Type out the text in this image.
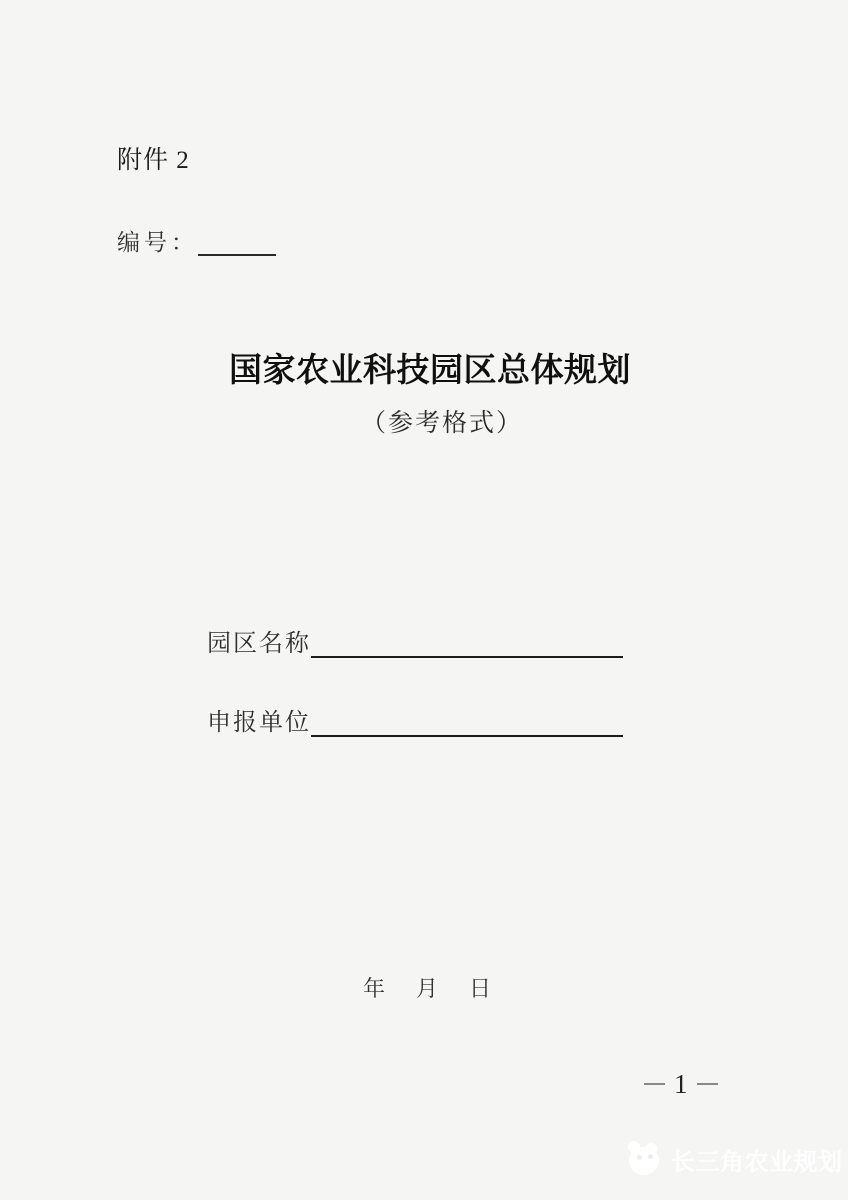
附件 2
编号：
国家农业科技园区总体规划
（参考格式）
园区名称
申报单位
年 月 日
1
长三角农业规划
